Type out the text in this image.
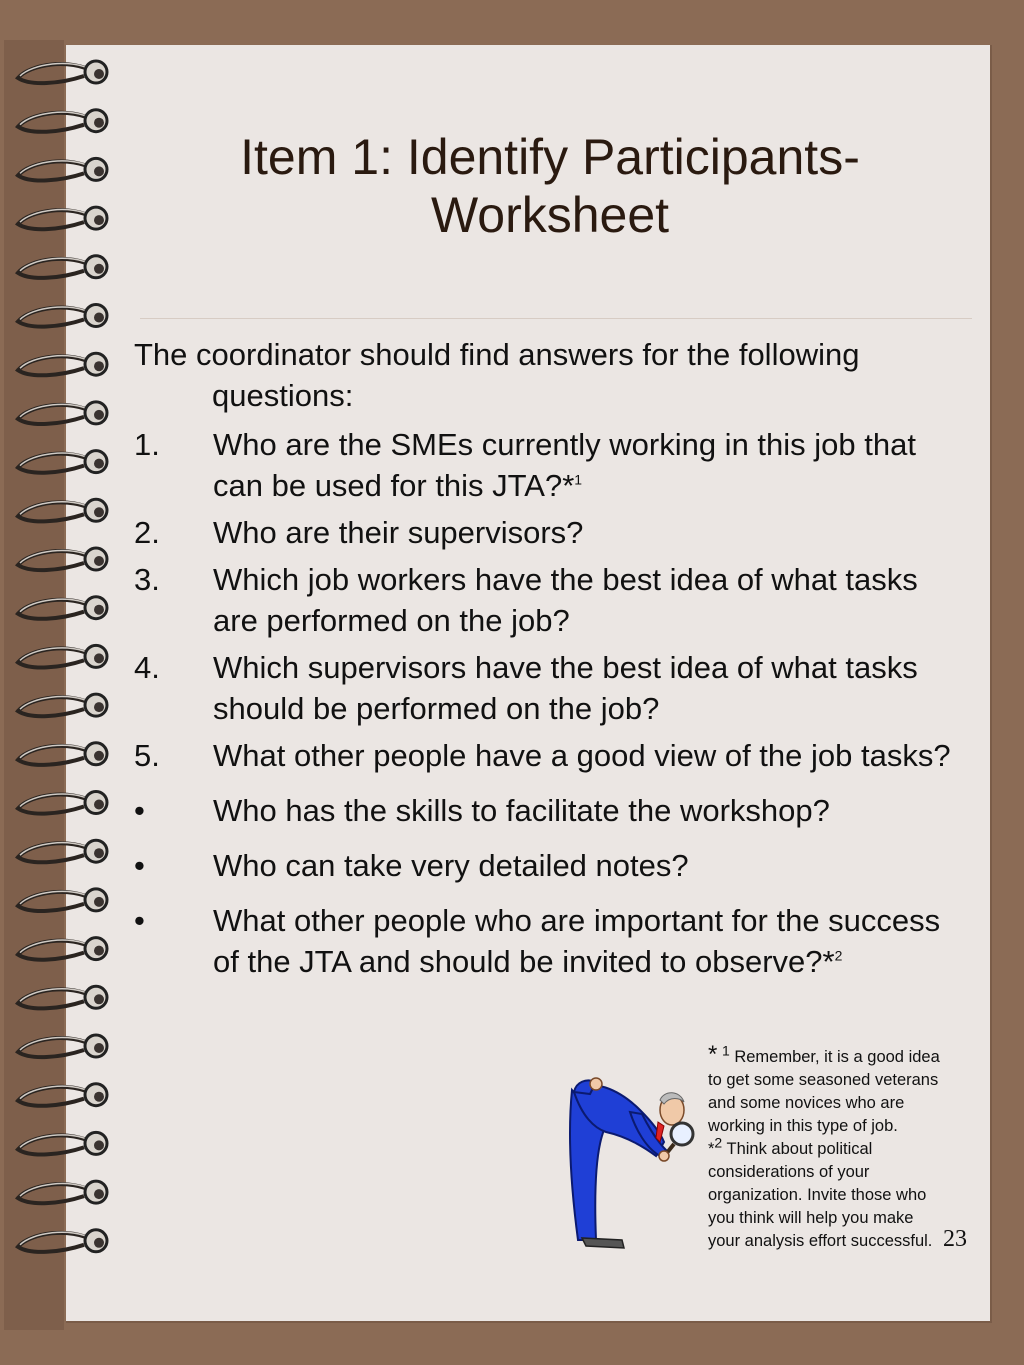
Item 1: Identify Participants-
Worksheet
The coordinator should find answers for the following questions:
1. Who are the SMEs currently working in this job that can be used for this JTA?*$^1$
2. Who are their supervisors?
3. Which job workers have the best idea of what tasks are performed on the job?
4. Which supervisors have the best idea of what tasks should be performed on the job?
5. What other people have a good view of the job tasks?
• Who has the skills to facilitate the workshop?
• Who can take very detailed notes?
• What other people who are important for the success of the JTA and should be invited to observe?*$^2$
* $^1$ Remember, it is a good idea to get some seasoned veterans and some novices who are working in this type of job.
*$^2$ Think about political considerations of your organization. Invite those who you think will help you make your analysis effort successful. 23
